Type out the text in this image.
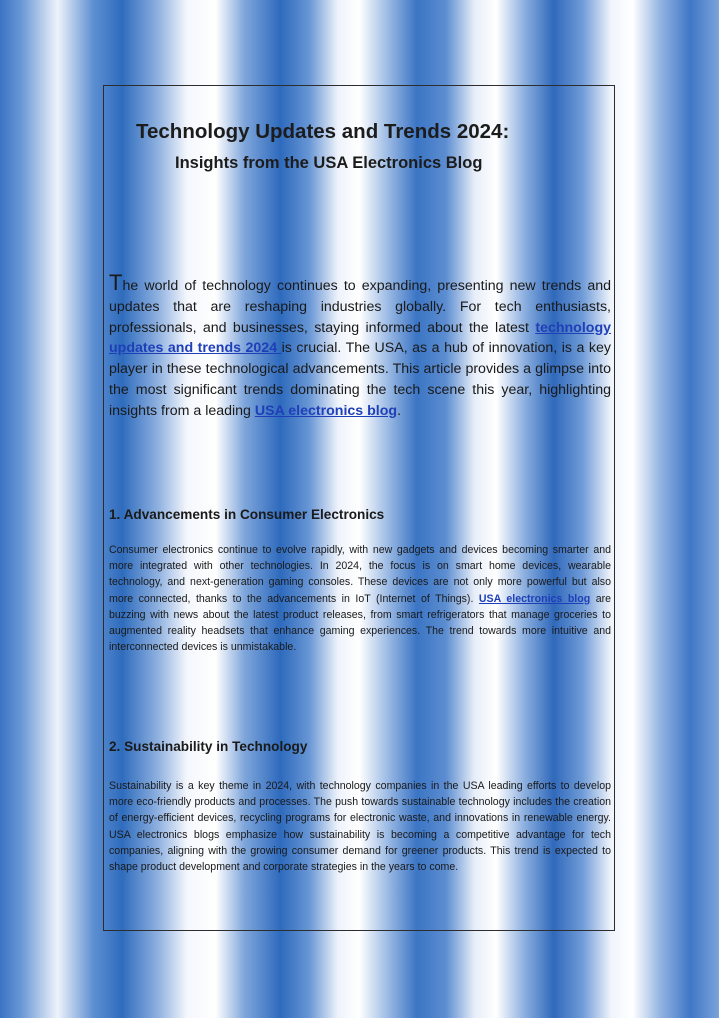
Technology Updates and Trends 2024:
Insights from the USA Electronics Blog

The world of technology continues to expanding, presenting new trends and updates that are reshaping industries globally. For tech enthusiasts, professionals, and businesses, staying informed about the latest technology updates and trends 2024 is crucial. The USA, as a hub of innovation, is a key player in these technological advancements. This article provides a glimpse into the most significant trends dominating the tech scene this year, highlighting insights from a leading USA electronics blog.

1. Advancements in Consumer Electronics

Consumer electronics continue to evolve rapidly, with new gadgets and devices becoming smarter and more integrated with other technologies. In 2024, the focus is on smart home devices, wearable technology, and next-generation gaming consoles. These devices are not only more powerful but also more connected, thanks to the advancements in IoT (Internet of Things). USA electronics blog are buzzing with news about the latest product releases, from smart refrigerators that manage groceries to augmented reality headsets that enhance gaming experiences. The trend towards more intuitive and interconnected devices is unmistakable.

2. Sustainability in Technology

Sustainability is a key theme in 2024, with technology companies in the USA leading efforts to develop more eco-friendly products and processes. The push towards sustainable technology includes the creation of energy-efficient devices, recycling programs for electronic waste, and innovations in renewable energy. USA electronics blogs emphasize how sustainability is becoming a competitive advantage for tech companies, aligning with the growing consumer demand for greener products. This trend is expected to shape product development and corporate strategies in the years to come.
